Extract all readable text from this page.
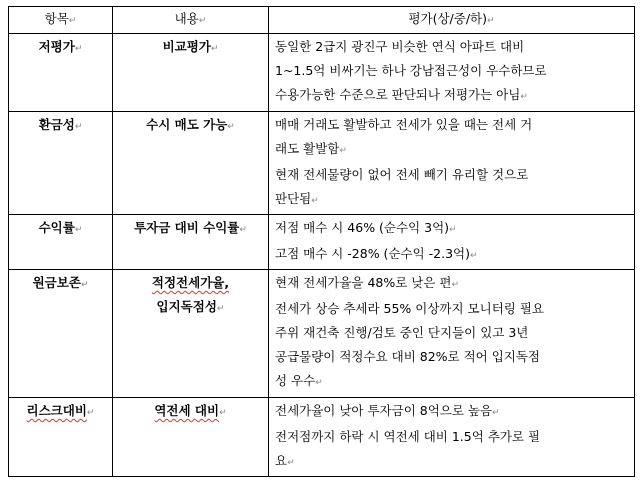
항목↵	내용↵	평가(상/중/하)↵
저평가↵	비교평가↵	동일한 2급지 광진구 비슷한 연식 아파트 대비
1~1.5억 비싸기는 하나 강남접근성이 우수하므로
수용가능한 수준으로 판단되나 저평가는 아님↵

환금성↵	수시 매도 가능↵	매매 거래도 활발하고 전세가 있을 때는 전세 거
래도 활발함↵
현재 전세물량이 없어 전세 빼기 유리할 것으로
판단됨↵

수익률↵	투자금 대비 수익률↵	저점 매수 시 46% (순수익 3억)↵
고점 매수 시 -28% (순수익 -2.3억)↵

원금보존↵	적정전세가율,
입지독점성↵	현재 전세가율을 48%로 낮은 편↵
전세가 상승 추세라 55% 이상까지 모니터링 필요
주위 재건축 진행/검토 중인 단지들이 있고 3년
공급물량이 적정수요 대비 82%로 적어 입지독점
성 우수↵

리스크대비↵	역전세 대비↵	전세가율이 낮아 투자금이 8억으로 높음↵
전저점까지 하락 시 역전세 대비 1.5억 추가로 필
요↵
